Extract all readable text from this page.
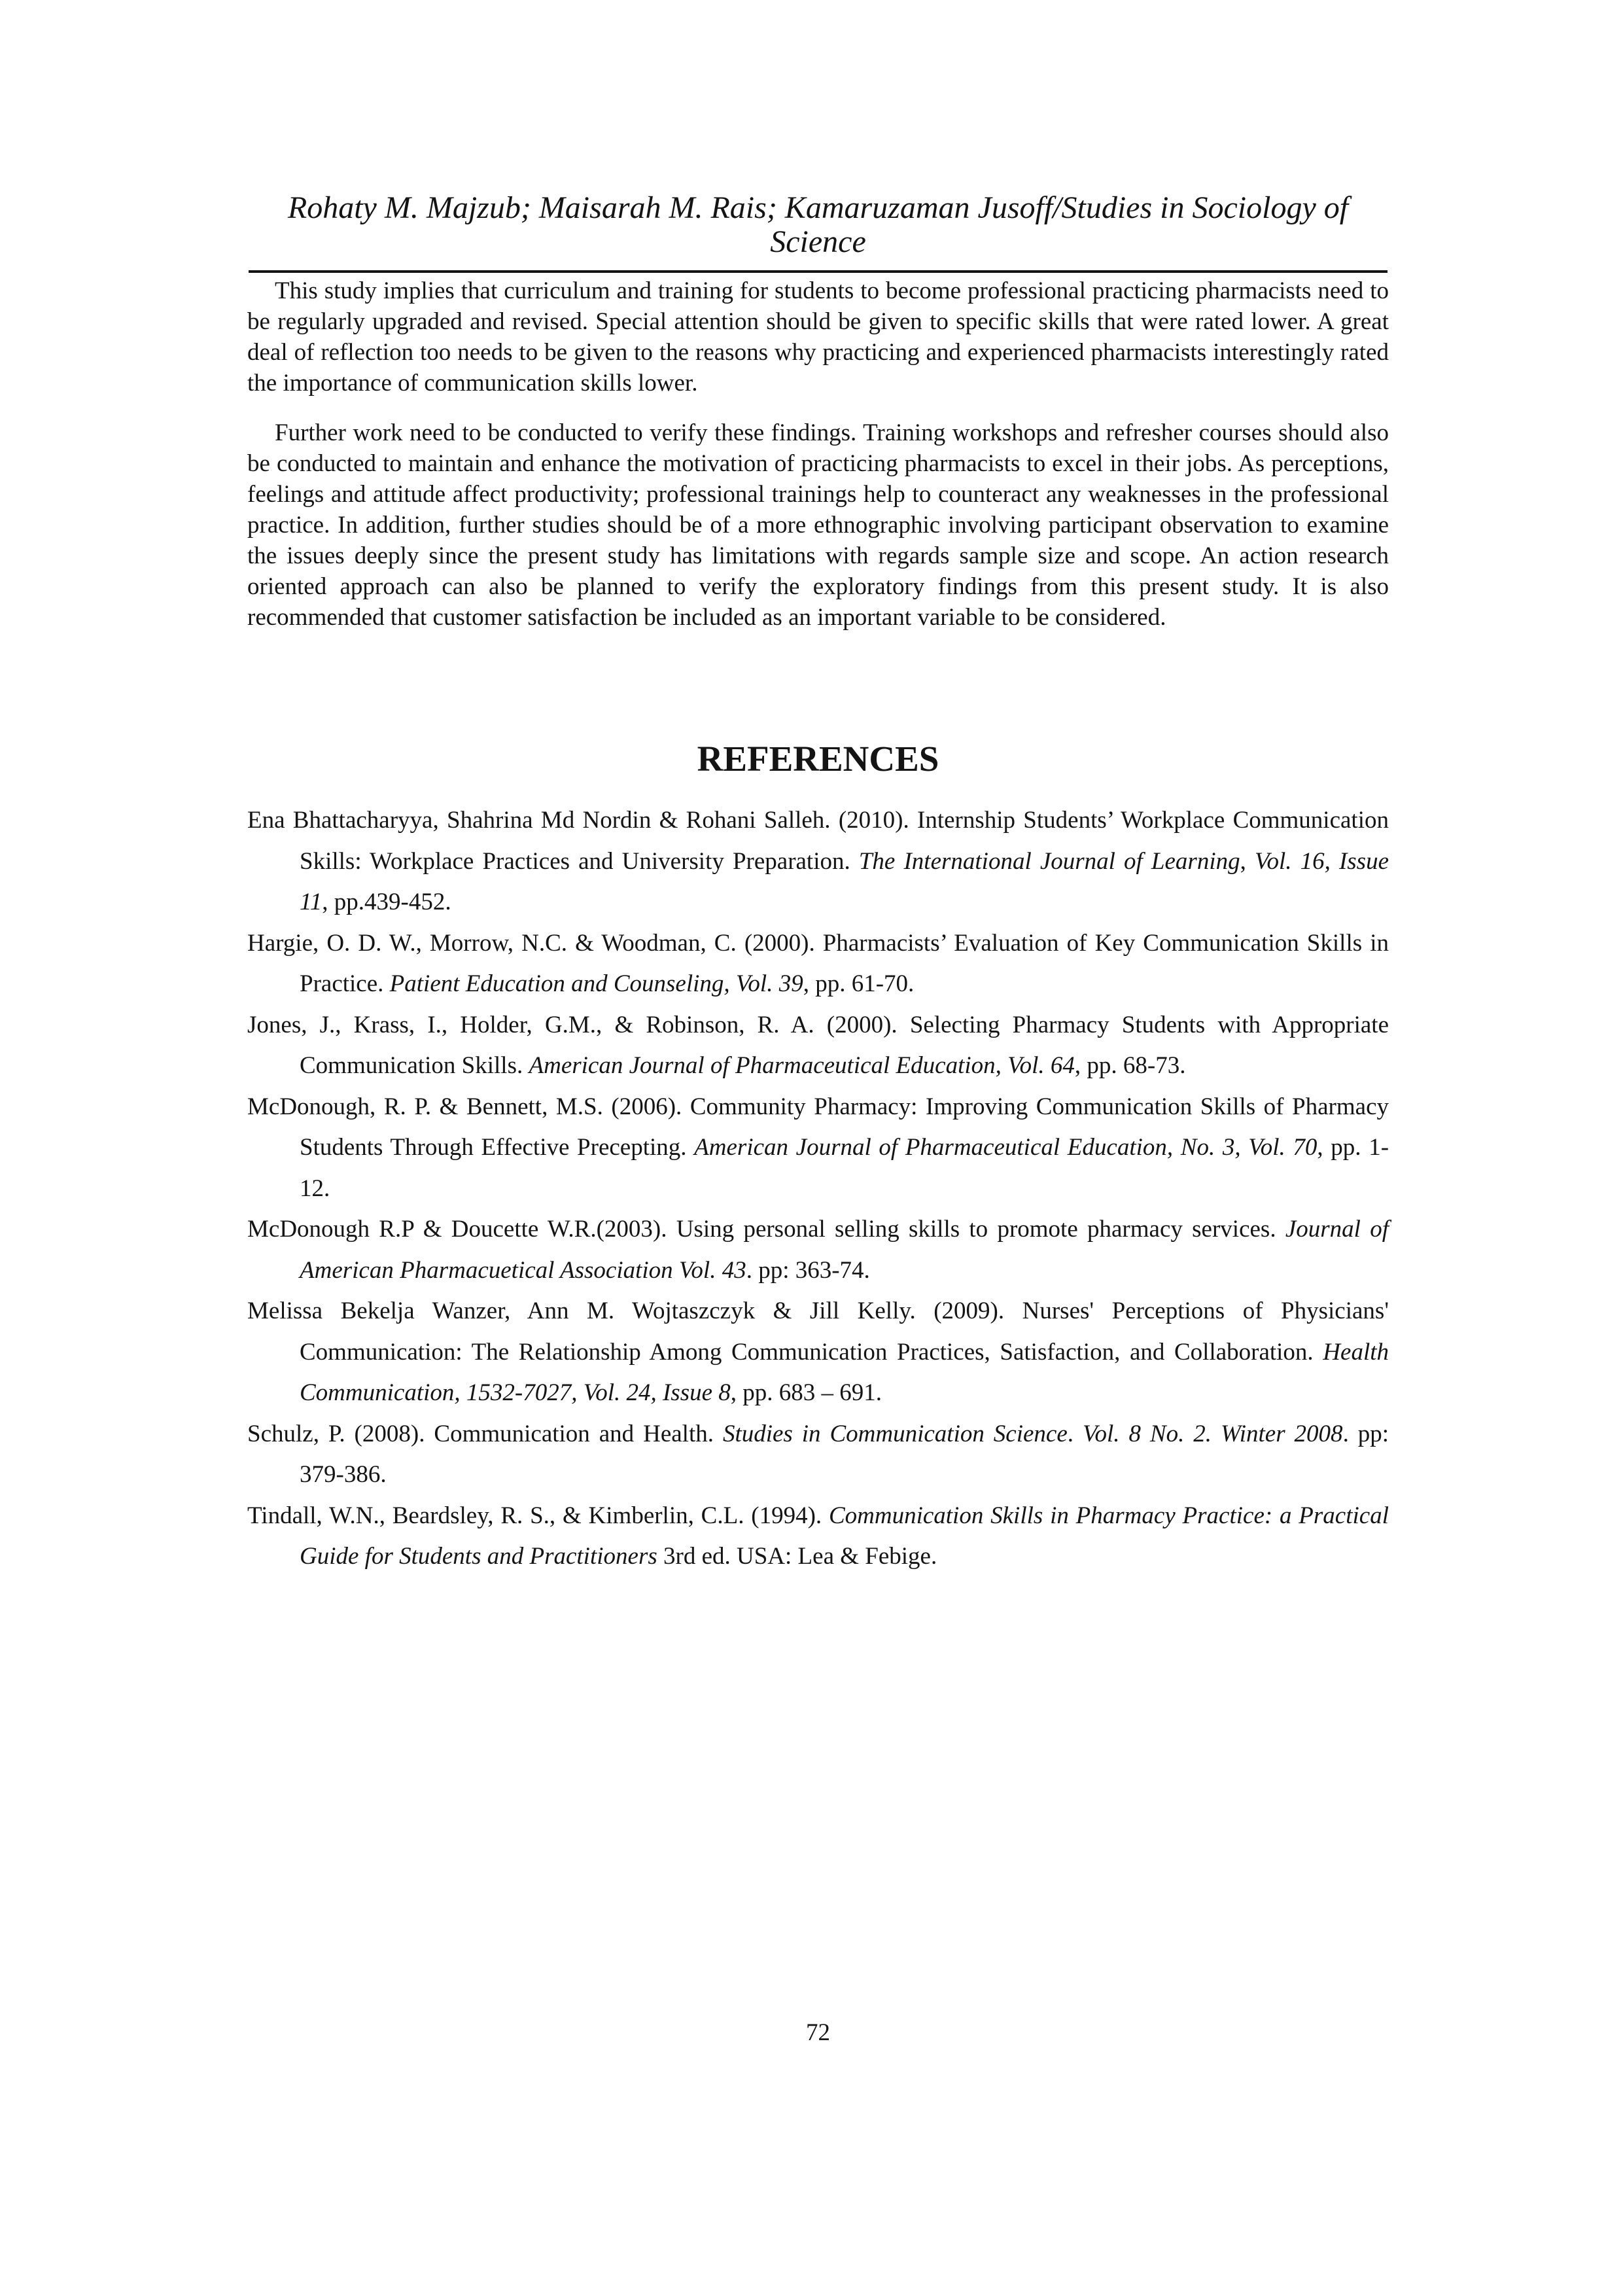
Rohaty M. Majzub; Maisarah M. Rais; Kamaruzaman Jusoff/Studies in Sociology of Science

This study implies that curriculum and training for students to become professional practicing pharmacists need to be regularly upgraded and revised. Special attention should be given to specific skills that were rated lower. A great deal of reflection too needs to be given to the reasons why practicing and experienced pharmacists interestingly rated the importance of communication skills lower.

Further work need to be conducted to verify these findings. Training workshops and refresher courses should also be conducted to maintain and enhance the motivation of practicing pharmacists to excel in their jobs. As perceptions, feelings and attitude affect productivity; professional trainings help to counteract any weaknesses in the professional practice. In addition, further studies should be of a more ethnographic involving participant observation to examine the issues deeply since the present study has limitations with regards sample size and scope. An action research oriented approach can also be planned to verify the exploratory findings from this present study. It is also recommended that customer satisfaction be included as an important variable to be considered.

REFERENCES
Ena Bhattacharyya, Shahrina Md Nordin & Rohani Salleh. (2010). Internship Students’ Workplace Communication Skills: Workplace Practices and University Preparation. The International Journal of Learning, Vol. 16, Issue 11, pp.439-452.
Hargie, O. D. W., Morrow, N.C. & Woodman, C. (2000). Pharmacists’ Evaluation of Key Communication Skills in Practice. Patient Education and Counseling, Vol. 39, pp. 61-70.
Jones, J., Krass, I., Holder, G.M., & Robinson, R. A. (2000). Selecting Pharmacy Students with Appropriate Communication Skills. American Journal of Pharmaceutical Education, Vol. 64, pp. 68-73.
McDonough, R. P. & Bennett, M.S. (2006). Community Pharmacy: Improving Communication Skills of Pharmacy Students Through Effective Precepting. American Journal of Pharmaceutical Education, No. 3, Vol. 70, pp. 1-12.
McDonough R.P & Doucette W.R.(2003). Using personal selling skills to promote pharmacy services. Journal of American Pharmacuetical Association Vol. 43. pp: 363-74.
Melissa Bekelja Wanzer, Ann M. Wojtaszczyk & Jill Kelly. (2009). Nurses' Perceptions of Physicians' Communication: The Relationship Among Communication Practices, Satisfaction, and Collaboration. Health Communication, 1532-7027, Vol. 24, Issue 8, pp. 683 – 691.
Schulz, P. (2008). Communication and Health. Studies in Communication Science. Vol. 8 No. 2. Winter 2008. pp: 379-386.
Tindall, W.N., Beardsley, R. S., & Kimberlin, C.L. (1994). Communication Skills in Pharmacy Practice: a Practical Guide for Students and Practitioners 3rd ed. USA: Lea & Febige.
72
